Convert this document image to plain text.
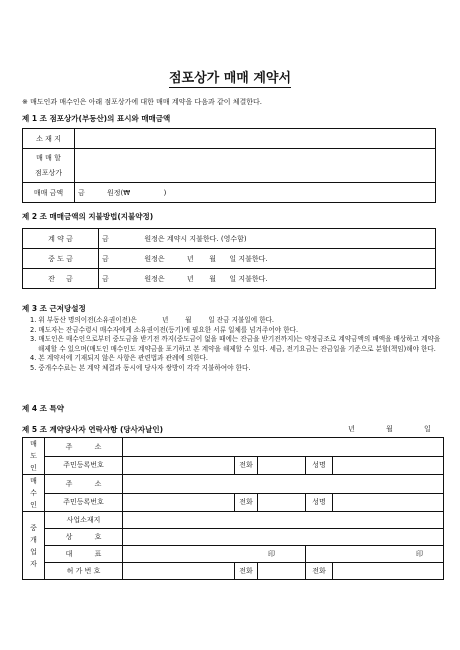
점포상가 매매 계약서
※ 매도인과 매수인은 아래 점포상가에 대한 매매 계약을 다음과 같이 체결한다.
제 1 조 점포상가(부동산)의 표시와 매매금액
소 재 지	

매 매 할
점포상가	

매매 금액	금          원정(₩               )
제 2 조 매매금액의 지불방법(지불약정)
계 약 금	금                원정은 계약시 지불한다. (영수함)
중 도 금	금                원정은          년       월      일 지불한다.
잔     금	금                원정은          년       월      일 지불한다.
제 3 조 근저당설정
1. 위 부동산 명의이전(소유권이전)은            년        월        일 잔금 지불일에 한다.
2. 매도자는 잔금수령시 매수자에게 소유권이전(등기)에 필요한 서류 일체를 넘겨주어야 한다.
3. 매도인은 매수인으로부터 중도금을 받기전 까지(중도금이 없을 때에는 잔금을 받기전까지)는 약정금조로 계약금액의 배액을 배상하고 계약을 해제할 수 있으며(매도인 매수인도 계약금을 포기하고 본 계약을 해제할 수 있다. 세금, 전기요금는 잔금일을 기준으로 분할(책임)해야 한다.
4. 본 계약서에 기재되지 않은 사항은 관련법과 관례에 의한다.
5. 중개수수료는 본 계약 체결과 동시에 당사자 쌍방이 각각 지불하여야 한다.
제 4 조 특약
제 5 조 계약당사자 연락사항 (당사자날인)	년	월	일
매
도
인	주          소					
	주민등록번호		전화		성명	

매
수
인	주          소					
	주민등록번호		전화		성명	

중
개
업
자	사업소재지					
	상          호					
	대          표	印			印	
	허 가 번 호		전화		전화	
